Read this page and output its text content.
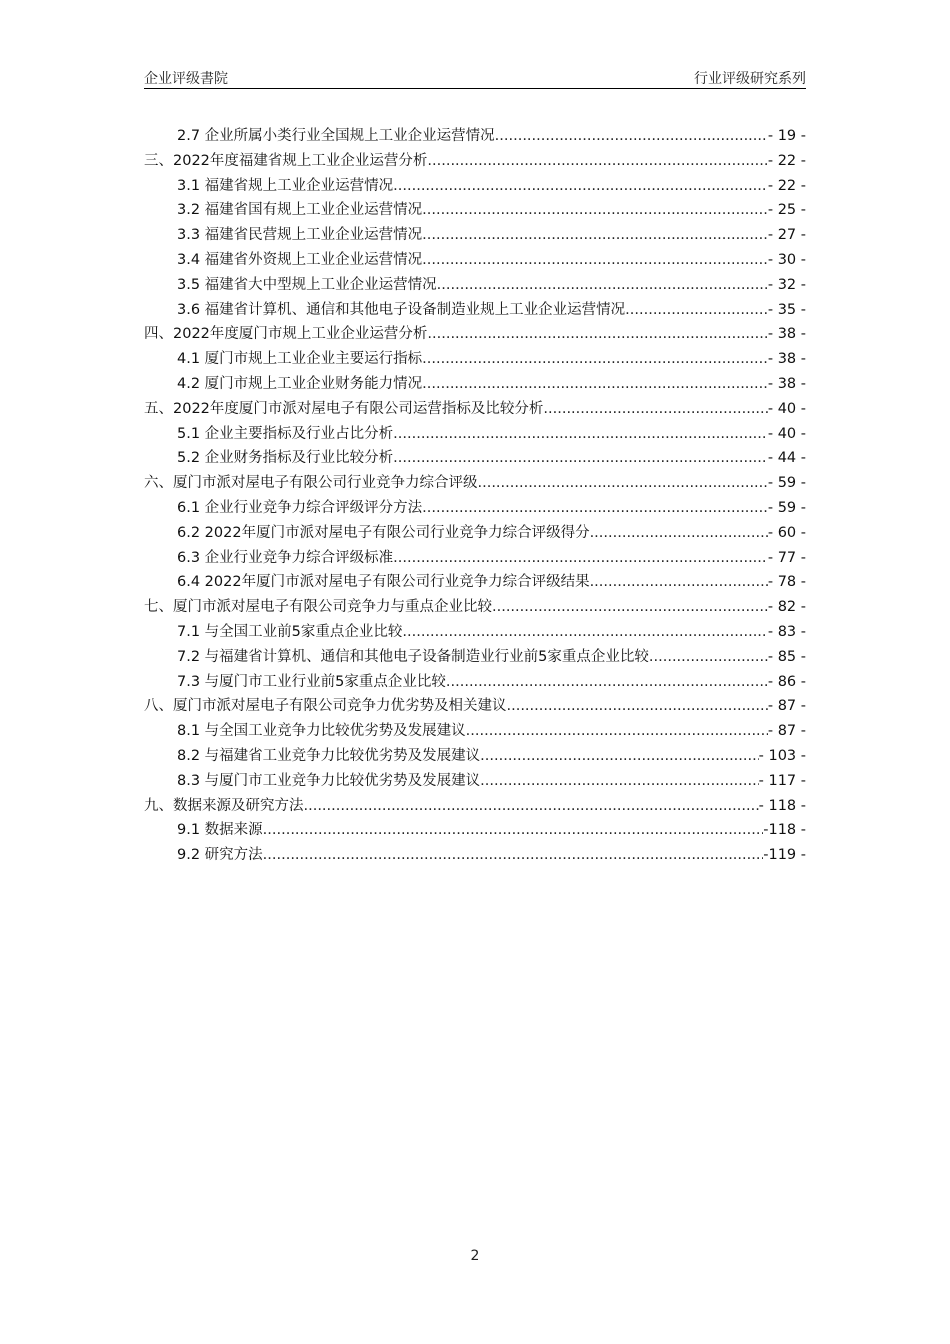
企业评级書院	行业评级研究系列
2.7 企业所属小类行业全国规上工业企业运营情况 .....	- 19 -
三、2022年度福建省规上工业企业运营分析 .....	- 22 -
3.1 福建省规上工业企业运营情况 .....	- 22 -
3.2 福建省国有规上工业企业运营情况 .....	- 25 -
3.3 福建省民营规上工业企业运营情况 .....	- 27 -
3.4 福建省外资规上工业企业运营情况 .....	- 30 -
3.5 福建省大中型规上工业企业运营情况 .....	- 32 -
3.6 福建省计算机、通信和其他电子设备制造业规上工业企业运营情况 .....	- 35 -
四、2022年度厦门市规上工业企业运营分析 .....	- 38 -
4.1 厦门市规上工业企业主要运行指标 .....	- 38 -
4.2 厦门市规上工业企业财务能力情况 .....	- 38 -
五、2022年度厦门市派对屋电子有限公司运营指标及比较分析 .....	- 40 -
5.1 企业主要指标及行业占比分析 .....	- 40 -
5.2 企业财务指标及行业比较分析 .....	- 44 -
六、厦门市派对屋电子有限公司行业竞争力综合评级 .....	- 59 -
6.1 企业行业竞争力综合评级评分方法 .....	- 59 -
6.2 2022年厦门市派对屋电子有限公司行业竞争力综合评级得分 .....	- 60 -
6.3 企业行业竞争力综合评级标准 .....	- 77 -
6.4 2022年厦门市派对屋电子有限公司行业竞争力综合评级结果 .....	- 78 -
七、厦门市派对屋电子有限公司竞争力与重点企业比较 .....	- 82 -
7.1 与全国工业前5家重点企业比较 .....	- 83 -
7.2 与福建省计算机、通信和其他电子设备制造业行业前5家重点企业比较 .....	- 85 -
7.3 与厦门市工业行业前5家重点企业比较 .....	- 86 -
八、厦门市派对屋电子有限公司竞争力优劣势及相关建议 .....	- 87 -
8.1 与全国工业竞争力比较优劣势及发展建议 .....	- 87 -
8.2 与福建省工业竞争力比较优劣势及发展建议 .....	- 103 -
8.3 与厦门市工业竞争力比较优劣势及发展建议 .....	- 117 -
九、数据来源及研究方法 .....	- 118 -
9.1 数据来源 .....	-118 -
9.2 研究方法 .....	-119 -
2
